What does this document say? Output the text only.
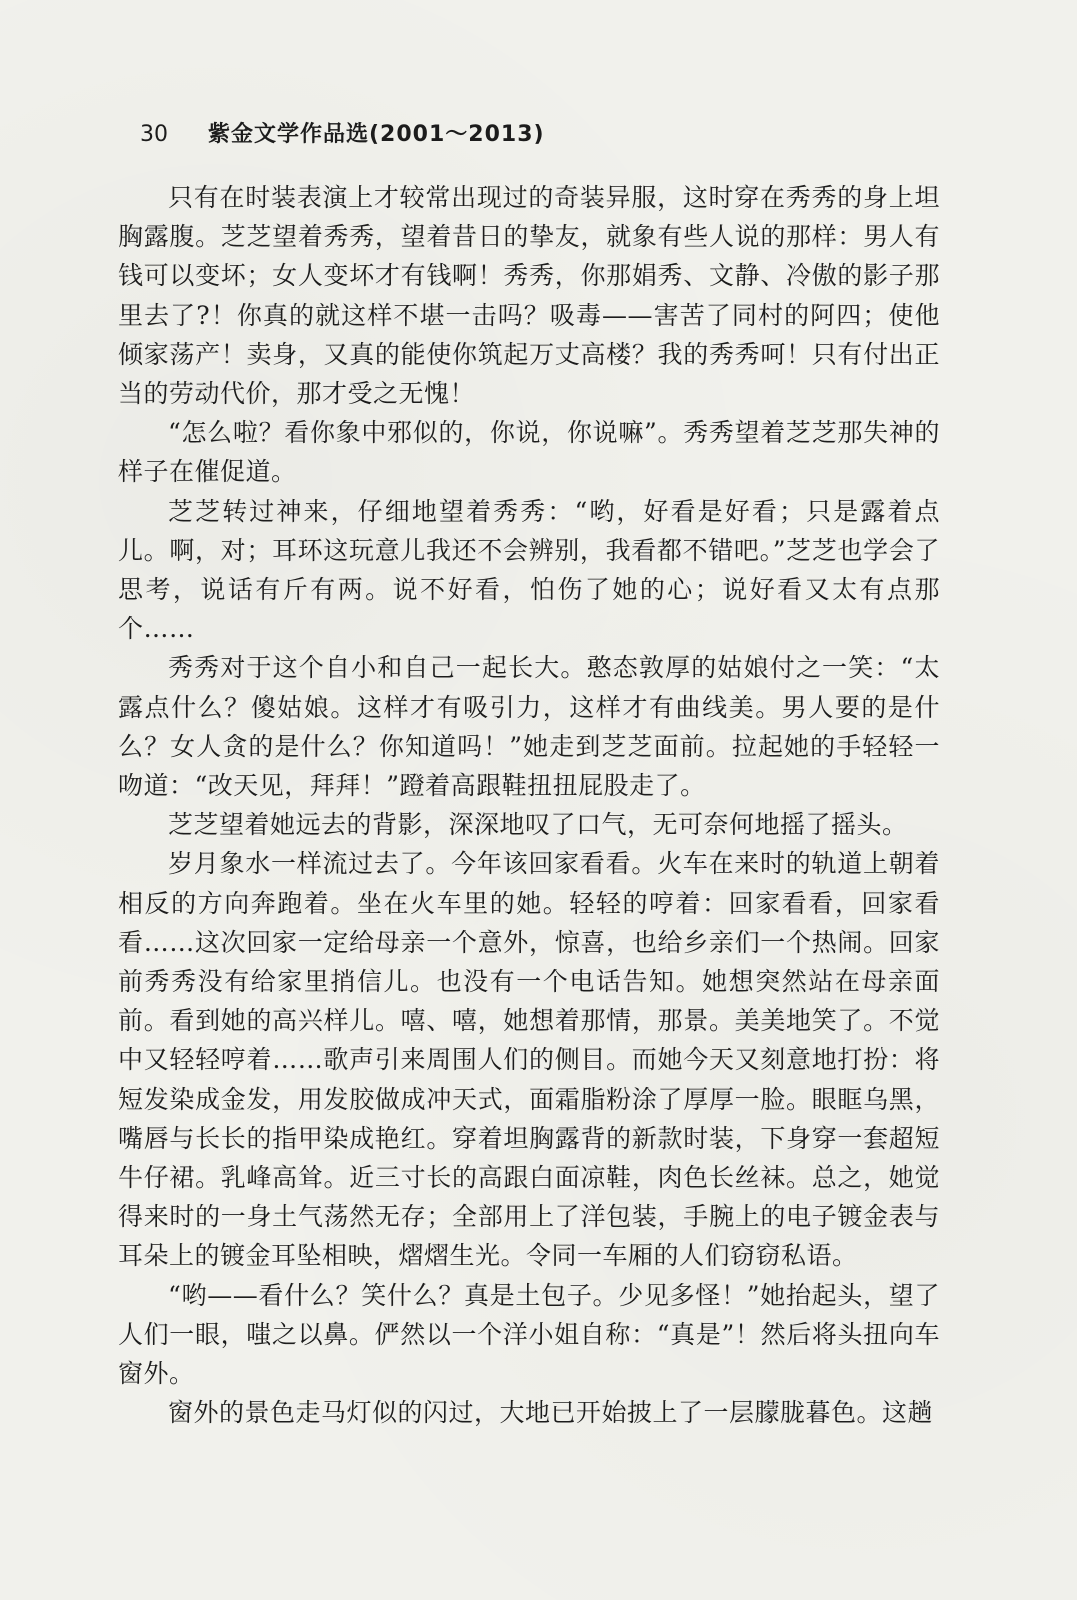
30 紫金文学作品选(2001～2013)

只有在时装表演上才较常出现过的奇装异服，这时穿在秀秀的身上坦胸露腹。芝芝望着秀秀，望着昔日的挚友，就象有些人说的那样：男人有钱可以变坏；女人变坏才有钱啊！秀秀，你那娟秀、文静、冷傲的影子那里去了?！你真的就这样不堪一击吗？吸毒——害苦了同村的阿四；使他倾家荡产！卖身，又真的能使你筑起万丈高楼？我的秀秀呵！只有付出正当的劳动代价，那才受之无愧！

“怎么啦？看你象中邪似的，你说，你说嘛”。秀秀望着芝芝那失神的样子在催促道。

芝芝转过神来，仔细地望着秀秀：“哟，好看是好看；只是露着点儿。啊，对；耳环这玩意儿我还不会辨别，我看都不错吧。”芝芝也学会了思考，说话有斤有两。说不好看，怕伤了她的心；说好看又太有点那个……

秀秀对于这个自小和自己一起长大。憨态敦厚的姑娘付之一笑：“太露点什么？傻姑娘。这样才有吸引力，这样才有曲线美。男人要的是什么？女人贪的是什么？你知道吗！”她走到芝芝面前。拉起她的手轻轻一吻道：“改天见，拜拜！”蹬着高跟鞋扭扭屁股走了。

芝芝望着她远去的背影，深深地叹了口气，无可奈何地摇了摇头。

岁月象水一样流过去了。今年该回家看看。火车在来时的轨道上朝着相反的方向奔跑着。坐在火车里的她。轻轻的哼着：回家看看，回家看看……这次回家一定给母亲一个意外，惊喜，也给乡亲们一个热闹。回家前秀秀没有给家里捎信儿。也没有一个电话告知。她想突然站在母亲面前。看到她的高兴样儿。嘻、嘻，她想着那情，那景。美美地笑了。不觉中又轻轻哼着……歌声引来周围人们的侧目。而她今天又刻意地打扮：将短发染成金发，用发胶做成冲天式，面霜脂粉涂了厚厚一脸。眼眶乌黑，嘴唇与长长的指甲染成艳红。穿着坦胸露背的新款时装，下身穿一套超短牛仔裙。乳峰高耸。近三寸长的高跟白面凉鞋，肉色长丝袜。总之，她觉得来时的一身土气荡然无存；全部用上了洋包装，手腕上的电子镀金表与耳朵上的镀金耳坠相映，熠熠生光。令同一车厢的人们窃窃私语。

“哟——看什么？笑什么？真是土包子。少见多怪！”她抬起头，望了人们一眼，嗤之以鼻。俨然以一个洋小姐自称：“真是”！然后将头扭向车窗外。

窗外的景色走马灯似的闪过，大地已开始披上了一层朦胧暮色。这趟
